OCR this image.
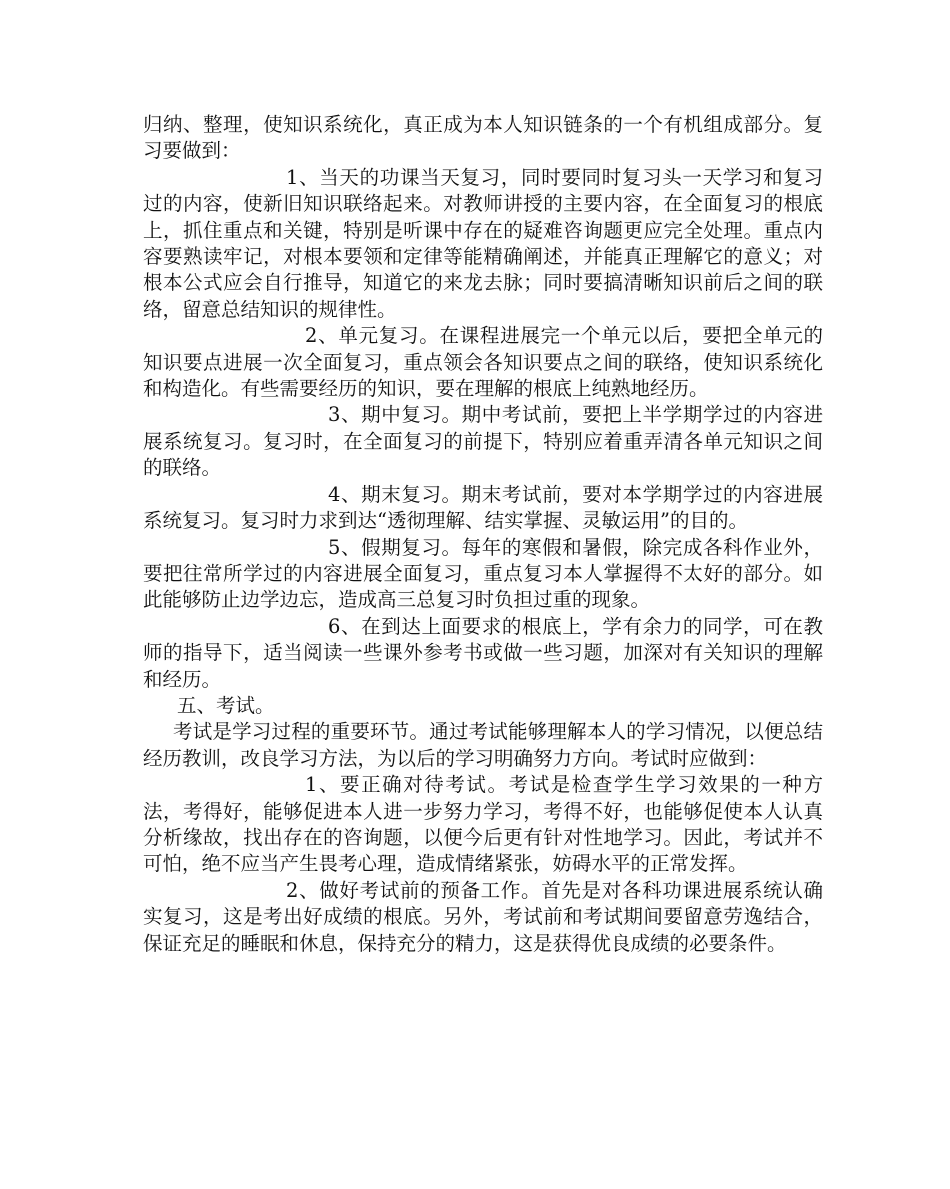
归纳、整理，使知识系统化，真正成为本人知识链条的一个有机组成部分。复习要做到：

1、当天的功课当天复习，同时要同时复习头一天学习和复习过的内容，使新旧知识联络起来。对教师讲授的主要内容，在全面复习的根底上，抓住重点和关键，特别是听课中存在的疑难咨询题更应完全处理。重点内容要熟读牢记，对根本要领和定律等能精确阐述，并能真正理解它的意义；对根本公式应会自行推导，知道它的来龙去脉；同时要搞清晰知识前后之间的联络，留意总结知识的规律性。

2、单元复习。在课程进展完一个单元以后，要把全单元的知识要点进展一次全面复习，重点领会各知识要点之间的联络，使知识系统化和构造化。有些需要经历的知识，要在理解的根底上纯熟地经历。

3、期中复习。期中考试前，要把上半学期学过的内容进展系统复习。复习时，在全面复习的前提下，特别应着重弄清各单元知识之间的联络。

4、期末复习。期末考试前，要对本学期学过的内容进展系统复习。复习时力求到达“透彻理解、结实掌握、灵敏运用”的目的。

5、假期复习。每年的寒假和暑假，除完成各科作业外，要把往常所学过的内容进展全面复习，重点复习本人掌握得不太好的部分。如此能够防止边学边忘，造成高三总复习时负担过重的现象。

6、在到达上面要求的根底上，学有余力的同学，可在教师的指导下，适当阅读一些课外参考书或做一些习题，加深对有关知识的理解和经历。

五、考试。

考试是学习过程的重要环节。通过考试能够理解本人的学习情况，以便总结经历教训，改良学习方法，为以后的学习明确努力方向。考试时应做到：

1、要正确对待考试。考试是检查学生学习效果的一种方法，考得好，能够促进本人进一步努力学习，考得不好，也能够促使本人认真分析缘故，找出存在的咨询题，以便今后更有针对性地学习。因此，考试并不可怕，绝不应当产生畏考心理，造成情绪紧张，妨碍水平的正常发挥。

2、做好考试前的预备工作。首先是对各科功课进展系统认确实复习，这是考出好成绩的根底。另外，考试前和考试期间要留意劳逸结合，保证充足的睡眠和休息，保持充分的精力，这是获得优良成绩的必要条件。
